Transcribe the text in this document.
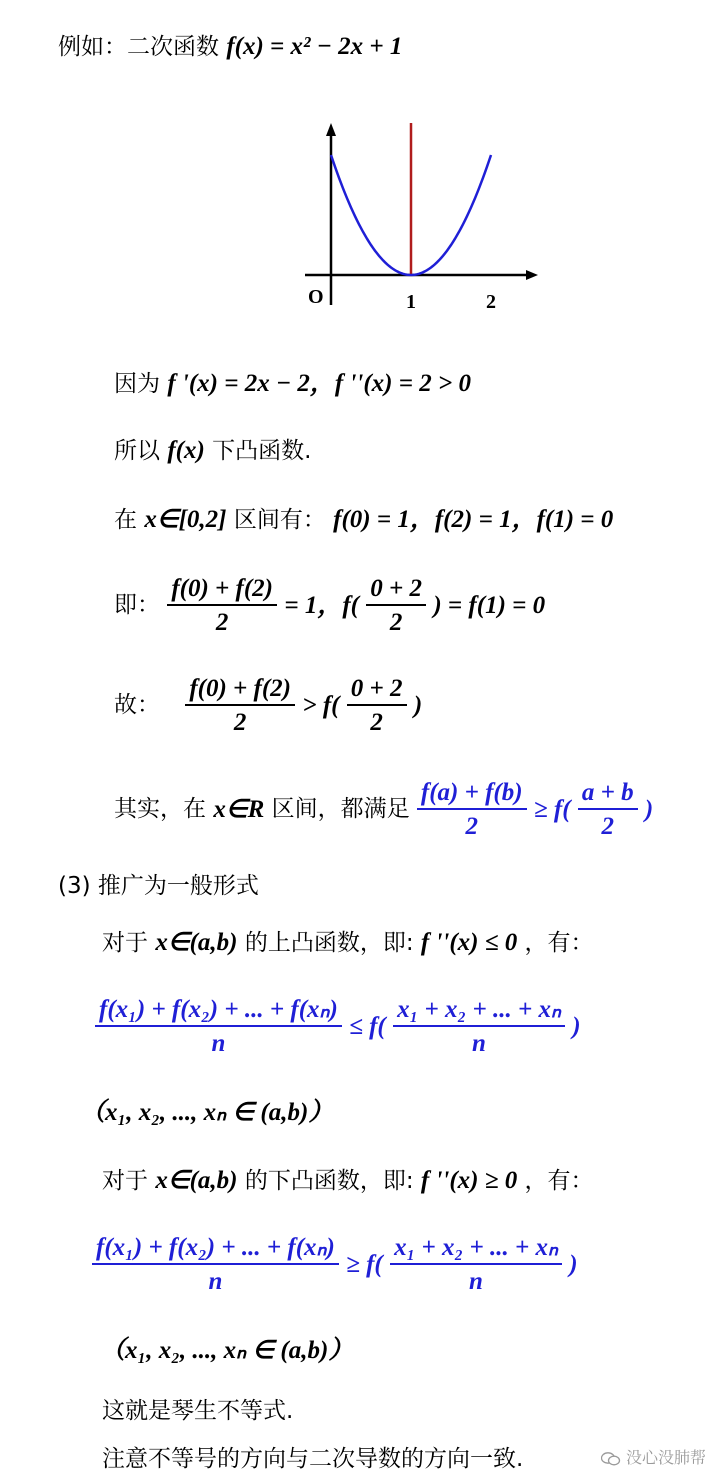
例如：二次函数 f(x) = x² − 2x + 1
O	1	2
因为 f '(x) = 2x − 2，f ''(x) = 2 > 0
所以 f(x) 下凸函数.
在 x∈[0,2] 区间有： f(0) = 1，f(2) = 1，f(1) = 0
即： $\frac{f(0) + f(2)}{2} = 1$，$f( \frac{0 + 2}{2}$ ) = f(1) = 0
故： $\frac{f(0) + f(2)}{2} > f( \frac{0 + 2}{2}$ )
其实，在 x∈R 区间，都满足 $\frac{f(a) + f(b)}{2} \ge f( \frac{a + b}{2}$ )
(3) 推广为一般形式
对于 x∈(a,b) 的上凸函数，即: f ''(x) ≤ 0 ，有：
$\frac{\text{f(x₁) + f(x₂) + ... + f(xₙ)}}{n} \le f( \frac{\text{x₁ + x₂ + ... + xₙ}}{n}$ )
（x₁, x₂, ..., xₙ ∈ (a,b)）
对于 x∈(a,b) 的下凸函数，即: f ''(x) ≥ 0 ，有：
$\frac{\text{f(x₁) + f(x₂) + ... + f(xₙ)}}{n} \ge f( \frac{\text{x₁ + x₂ + ... + xₙ}}{n}$ )
（x₁, x₂, ..., xₙ ∈ (a,b)）
这就是琴生不等式.
注意不等号的方向与二次导数的方向一致.	没心没肺帮
